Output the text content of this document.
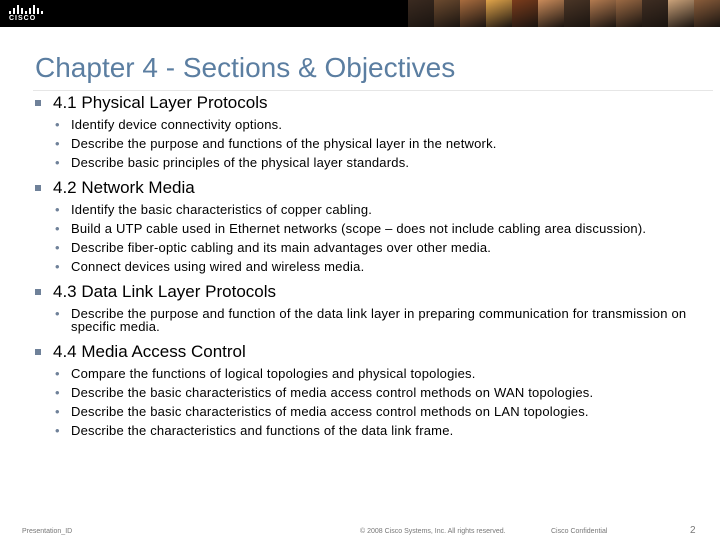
CISCO
Chapter 4 - Sections & Objectives
4.1 Physical Layer Protocols
• Identify device connectivity options.
• Describe the purpose and functions of the physical layer in the network.
• Describe basic principles of the physical layer standards.
4.2 Network Media
• Identify the basic characteristics of copper cabling.
• Build a UTP cable used in Ethernet networks (scope – does not include cabling area discussion).
• Describe fiber-optic cabling and its main advantages over other media.
• Connect devices using wired and wireless media.
4.3 Data Link Layer Protocols
• Describe the purpose and function of the data link layer in preparing communication for transmission on specific media.
4.4 Media Access Control
• Compare the functions of logical topologies and physical topologies.
• Describe the basic characteristics of media access control methods on WAN topologies.
• Describe the basic characteristics of media access control methods on LAN topologies.
• Describe the characteristics and functions of the data link frame.
Presentation_ID	© 2008 Cisco Systems, Inc. All rights reserved.	Cisco Confidential	2
